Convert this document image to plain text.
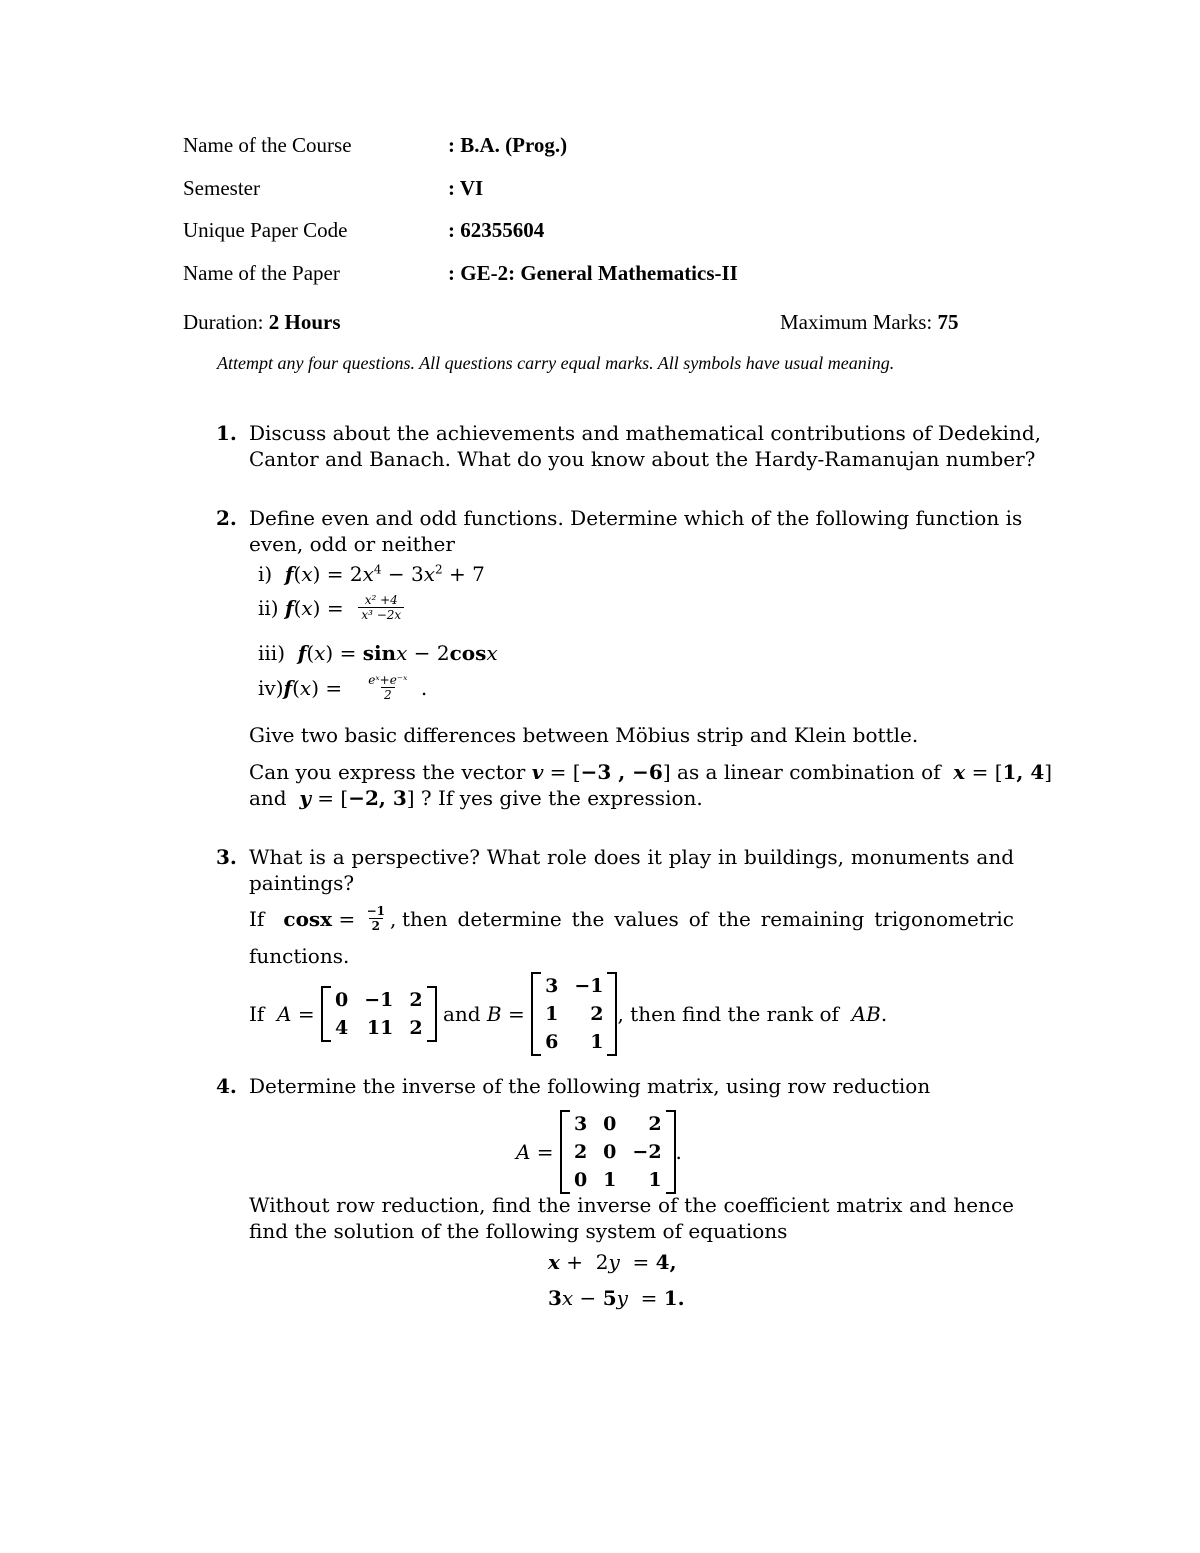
Name of the Course	: B.A. (Prog.)
Semester	: VI
Unique Paper Code	: 62355604
Name of the Paper	: GE-2: General Mathematics-II
Duration: 2 Hours	Maximum Marks: 75
Attempt any four questions. All questions carry equal marks. All symbols have usual meaning.
1. Discuss about the achievements and mathematical contributions of Dedekind,
Cantor and Banach. What do you know about the Hardy-Ramanujan number?
2. Define even and odd functions. Determine which of the following function is
even, odd or neither
i) $f(x) = 2x^4 - 3x^2 + 7$
ii)
f ( x ) = $\frac{\text{x² +4}}{\text{x³ −2x}}$
iii) f(x) = sinx − 2cosx
iv) f ( x ) = $\frac{\text{eˣ+e⁻ˣ}}{2}$ .
Give two basic differences between Möbius strip and Klein bottle.
Can you express the vector v = [−3 , −6] as a linear combination of x = [1, 4]
and y = [−2, 3] ? If yes give the expression.
3. What is a perspective? What role does it play in buildings, monuments and
paintings?
If
$\cos x = \frac{-1}{2}$ , then determine the values of the remaining trigonometric
functions.
If
A =
0	−1	2
4	11	2

and
B =
3	−1
1	2
6	1
, then find the rank of
AB .
4. Determine the inverse of the following matrix, using row reduction
A =
3	0	2
2	0	−2
0	1	1
.
Without row reduction, find the inverse of the coefficient matrix and hence
find the solution of the following system of equations
x +  2y  = 4,
3x − 5y  = 1.
